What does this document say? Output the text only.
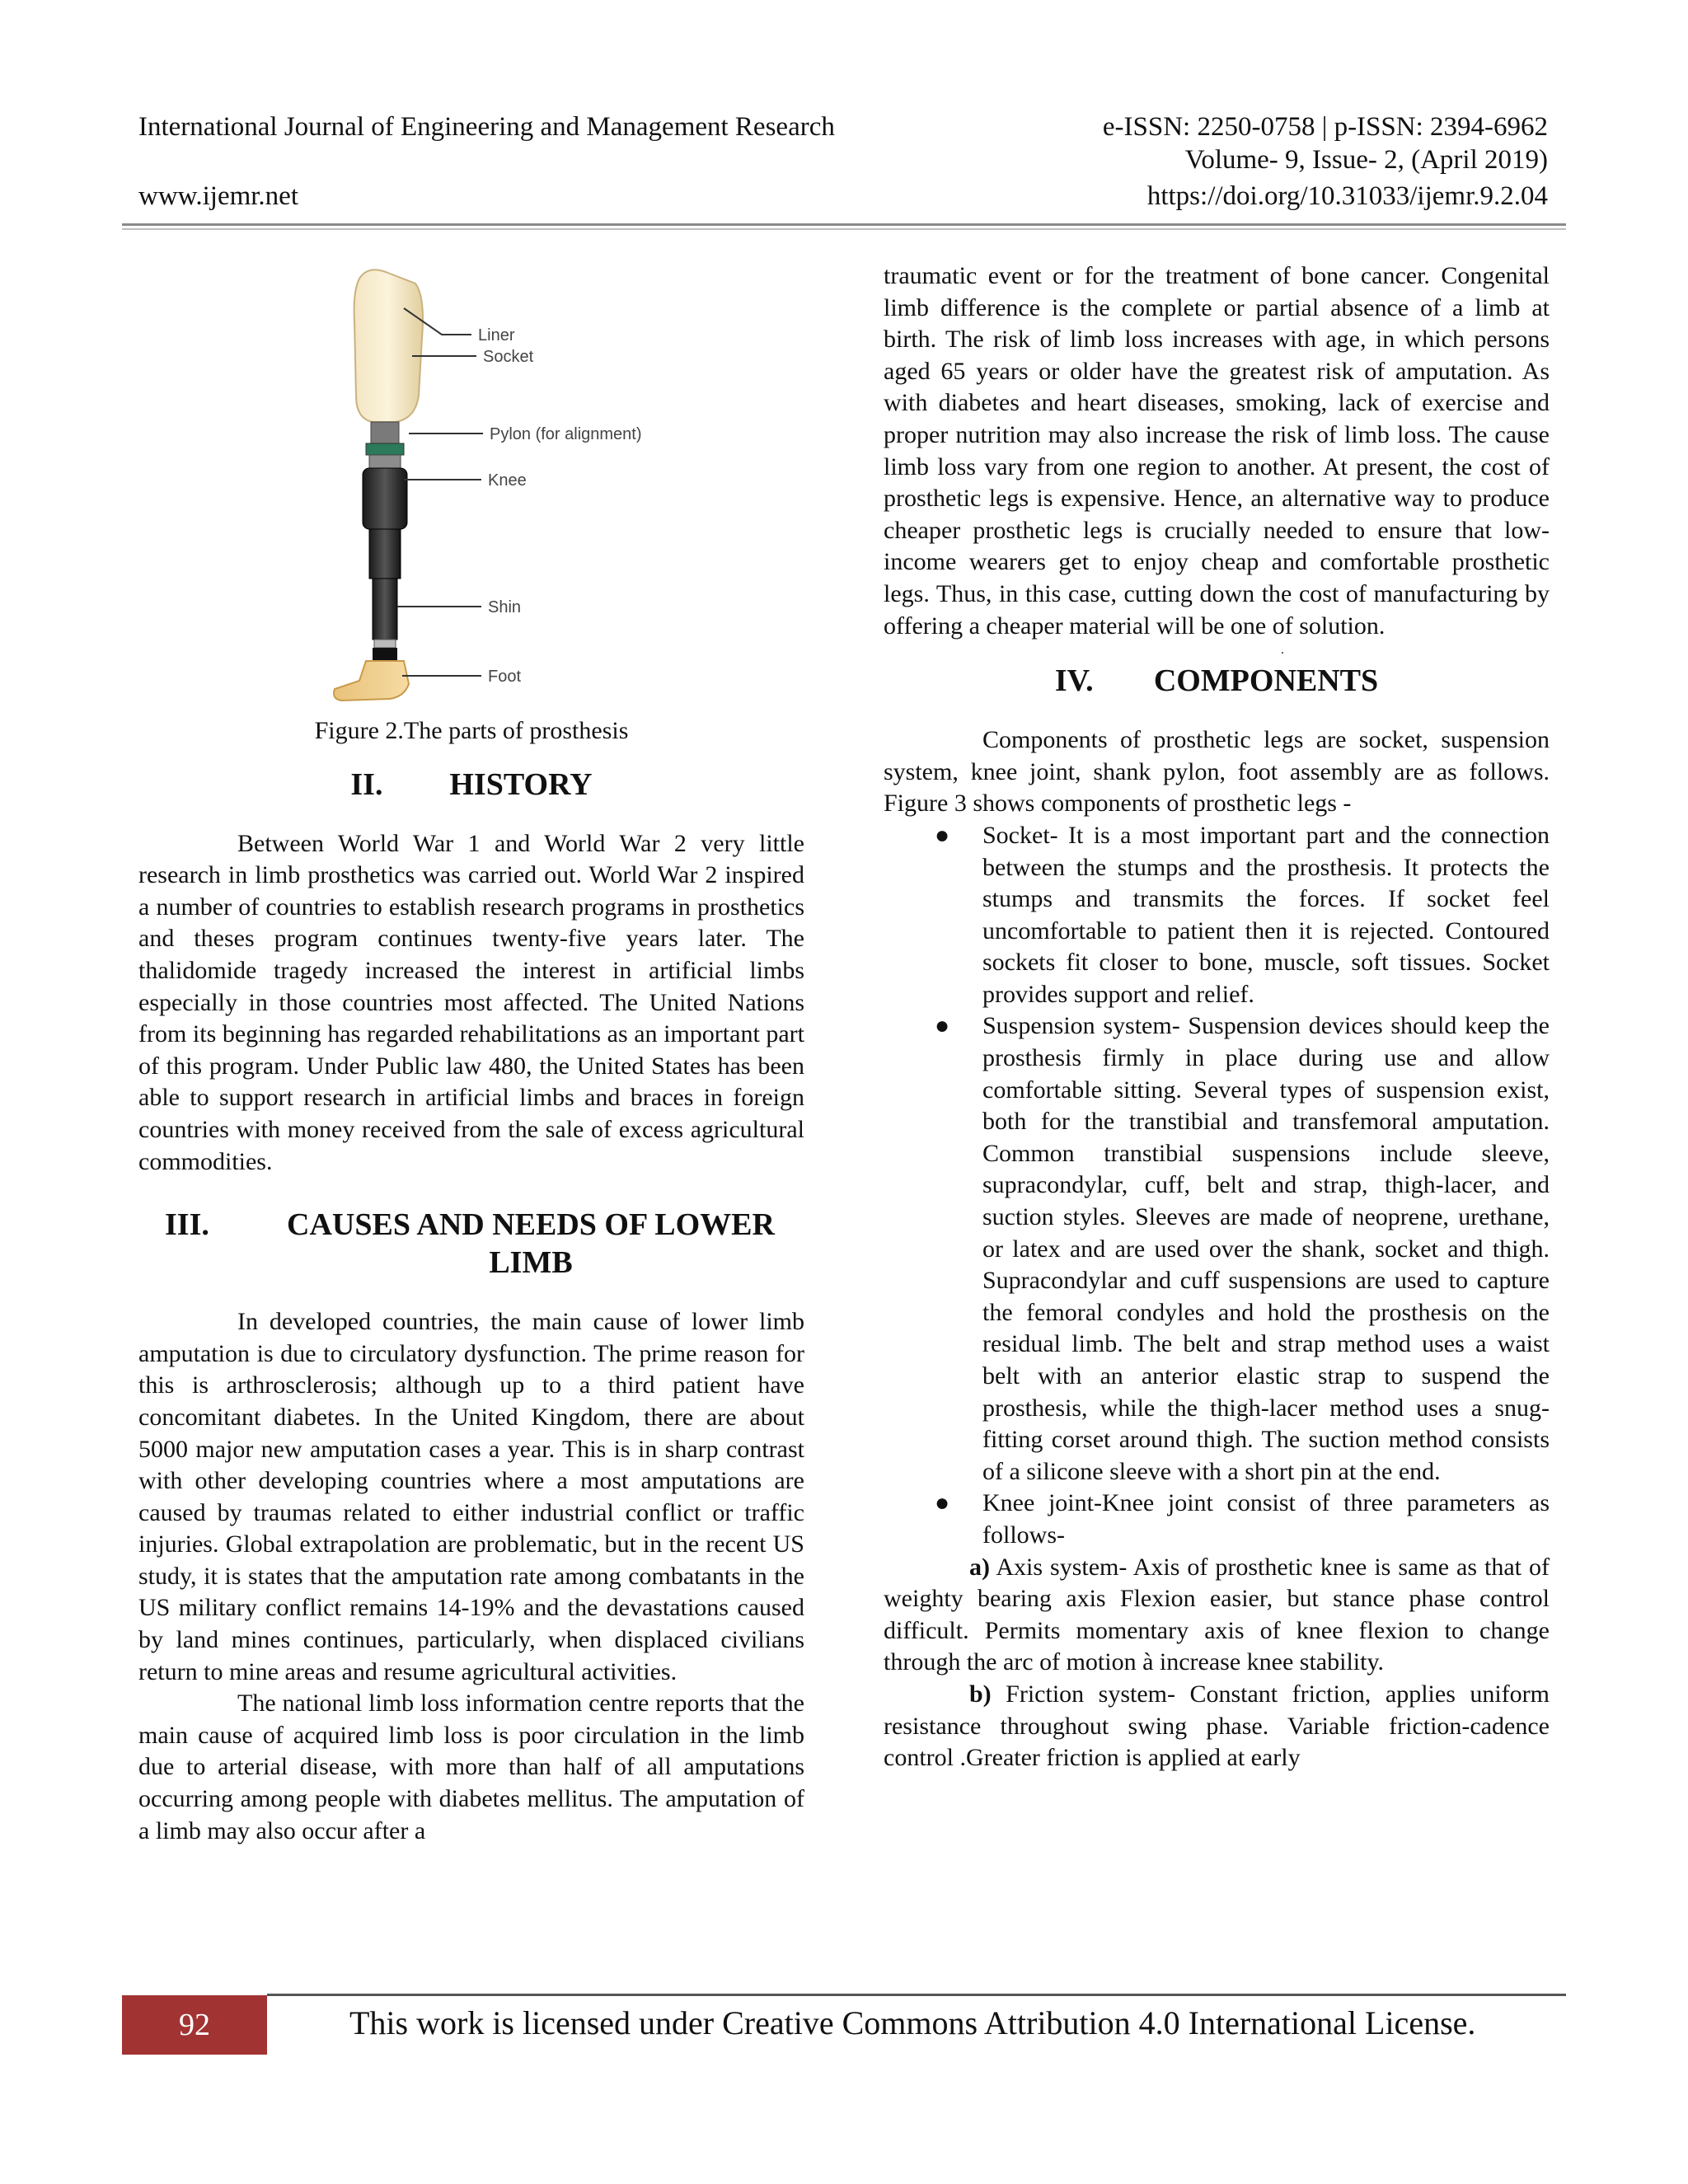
International Journal of Engineering and Management Research	e-ISSN: 2250-0758 | p-ISSN: 2394-6962
Volume- 9, Issue- 2, (April 2019)
www.ijemr.net	https://doi.org/10.31033/ijemr.9.2.04
Liner
Socket
Pylon (for alignment)
Knee
Shin
Foot

Figure 2.The parts of prosthesis

II. HISTORY

Between World War 1 and World War 2 very little research in limb prosthetics was carried out. World War 2 inspired a number of countries to establish research programs in prosthetics and theses program continues twenty-five years later. The thalidomide tragedy increased the interest in artificial limbs especially in those countries most affected. The United Nations from its beginning has regarded rehabilitations as an important part of this program. Under Public law 480, the United States has been able to support research in artificial limbs and braces in foreign countries with money received from the sale of excess agricultural commodities.

III.	CAUSES AND NEEDS OF LOWER LIMB

In developed countries, the main cause of lower limb amputation is due to circulatory dysfunction. The prime reason for this is arthrosclerosis; although up to a third patient have concomitant diabetes. In the United Kingdom, there are about 5000 major new amputation cases a year. This is in sharp contrast with other developing countries where a most amputations are caused by traumas related to either industrial conflict or traffic injuries. Global extrapolation are problematic, but in the recent US study, it is states that the amputation rate among combatants in the US military conflict remains 14-19% and the devastations caused by land mines continues, particularly, when displaced civilians return to mine areas and resume agricultural activities.

The national limb loss information centre reports that the main cause of acquired limb loss is poor circulation in the limb due to arterial disease, with more than half of all amputations occurring among people with diabetes mellitus. The amputation of a limb may also occur after a

traumatic event or for the treatment of bone cancer. Congenital limb difference is the complete or partial absence of a limb at birth. The risk of limb loss increases with age, in which persons aged 65 years or older have the greatest risk of amputation. As with diabetes and heart diseases, smoking, lack of exercise and proper nutrition may also increase the risk of limb loss. The cause limb loss vary from one region to another. At present, the cost of prosthetic legs is expensive. Hence, an alternative way to produce cheaper prosthetic legs is crucially needed to ensure that low-income wearers get to enjoy cheap and comfortable prosthetic legs. Thus, in this case, cutting down the cost of manufacturing by offering a cheaper material will be one of solution.

.

IV. COMPONENTS

Components of prosthetic legs are socket, suspension system, knee joint, shank pylon, foot assembly are as follows. Figure 3 shows components of prosthetic legs -

● Socket- It is a most important part and the connection between the stumps and the prosthesis. It protects the stumps and transmits the forces. If socket feel uncomfortable to patient then it is rejected. Contoured sockets fit closer to bone, muscle, soft tissues. Socket provides support and relief.
● Suspension system- Suspension devices should keep the prosthesis firmly in place during use and allow comfortable sitting. Several types of suspension exist, both for the transtibial and transfemoral amputation. Common transtibial suspensions include sleeve, supracondylar, cuff, belt and strap, thigh-lacer, and suction styles. Sleeves are made of neoprene, urethane, or latex and are used over the shank, socket and thigh. Supracondylar and cuff suspensions are used to capture the femoral condyles and hold the prosthesis on the residual limb. The belt and strap method uses a waist belt with an anterior elastic strap to suspend the prosthesis, while the thigh-lacer method uses a snug-fitting corset around thigh. The suction method consists of a silicone sleeve with a short pin at the end.
● Knee joint-Knee joint consist of three parameters as follows-

a) Axis system- Axis of prosthetic knee is same as that of weighty bearing axis Flexion easier, but stance phase control difficult. Permits momentary axis of knee flexion to change through the arc of motion à increase knee stability.

b) Friction system- Constant friction, applies uniform resistance throughout swing phase. Variable friction-cadence control .Greater friction is applied at early

92	This work is licensed under Creative Commons Attribution 4.0 International License.
